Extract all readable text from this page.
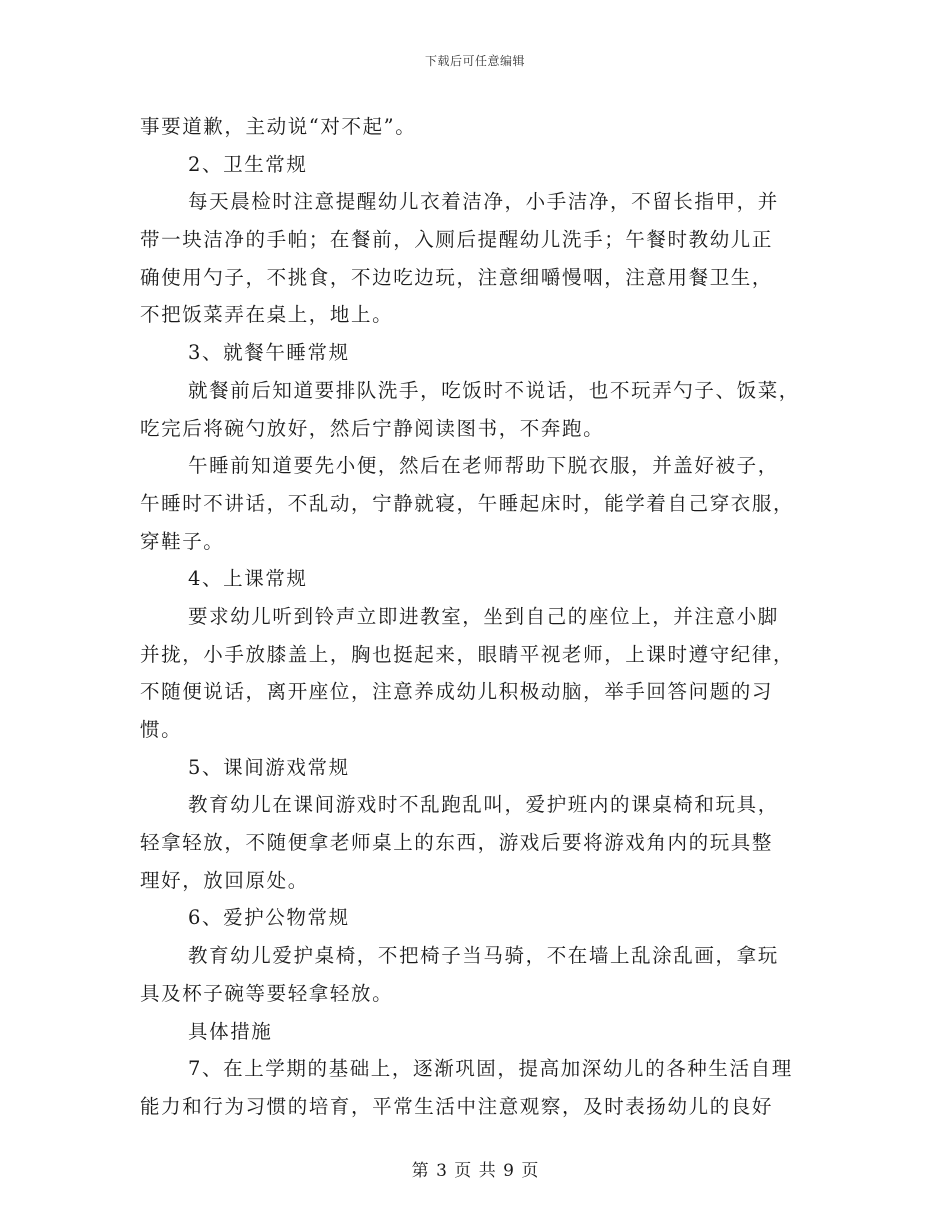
下载后可任意编辑
事要道歉，主动说“对不起”。
2、卫生常规
每天晨检时注意提醒幼儿衣着洁净，小手洁净，不留长指甲，并
带一块洁净的手帕；在餐前，入厕后提醒幼儿洗手；午餐时教幼儿正
确使用勺子，不挑食，不边吃边玩，注意细嚼慢咽，注意用餐卫生，
不把饭菜弄在桌上，地上。
3、就餐午睡常规
就餐前后知道要排队洗手，吃饭时不说话，也不玩弄勺子、饭菜，
吃完后将碗勺放好，然后宁静阅读图书，不奔跑。
午睡前知道要先小便，然后在老师帮助下脱衣服，并盖好被子，
午睡时不讲话，不乱动，宁静就寝，午睡起床时，能学着自己穿衣服，
穿鞋子。
4、上课常规
要求幼儿听到铃声立即进教室，坐到自己的座位上，并注意小脚
并拢，小手放膝盖上，胸也挺起来，眼睛平视老师，上课时遵守纪律，
不随便说话，离开座位，注意养成幼儿积极动脑，举手回答问题的习
惯。
5、课间游戏常规
教育幼儿在课间游戏时不乱跑乱叫，爱护班内的课桌椅和玩具，
轻拿轻放，不随便拿老师桌上的东西，游戏后要将游戏角内的玩具整
理好，放回原处。
6、爱护公物常规
教育幼儿爱护桌椅，不把椅子当马骑，不在墙上乱涂乱画，拿玩
具及杯子碗等要轻拿轻放。
具体措施
7、在上学期的基础上，逐渐巩固，提高加深幼儿的各种生活自理
能力和行为习惯的培育，平常生活中注意观察，及时表扬幼儿的良好
第 3 页 共 9 页
